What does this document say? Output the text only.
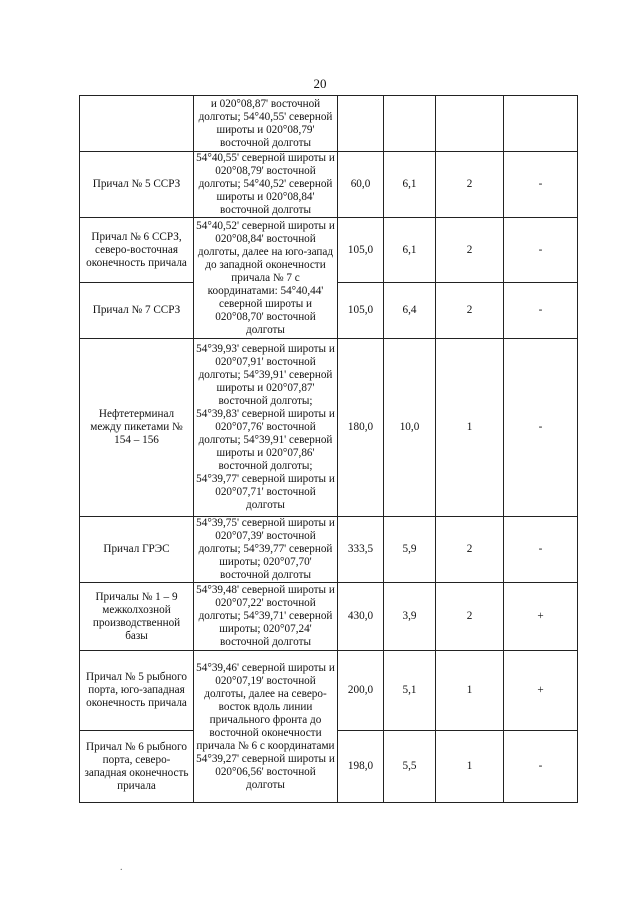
20
	и 020°08,87' восточной долготы; 54°40,55' северной широты и 020°08,79' восточной долготы				
Причал № 5 ССРЗ	54°40,55' северной широты и 020°08,79' восточной долготы; 54°40,52' северной широты и 020°08,84' восточной долготы	60,0	6,1	2	-
Причал № 6 ССРЗ, северо-восточная оконечность причала	54°40,52' северной широты и 020°08,84' восточной долготы, далее на юго-запад до западной оконечности причала № 7 с координатами: 54°40,44' северной широты и 020°08,70' восточной долготы	105,0	6,1	2	-
Причал № 7 ССРЗ		105,0	6,4	2	-
Нефтетерминал между пикетами № 154 – 156	54°39,93' северной широты и 020°07,91' восточной долготы; 54°39,91' северной широты и 020°07,87' восточной долготы; 54°39,83' северной широты и 020°07,76' восточной долготы; 54°39,91' северной широты и 020°07,86' восточной долготы; 54°39,77' северной широты и 020°07,71' восточной долготы	180,0	10,0	1	-
Причал ГРЭС	54°39,75' северной широты и 020°07,39' восточной долготы; 54°39,77' северной широты; 020°07,70' восточной долготы	333,5	5,9	2	-
Причалы № 1 – 9 межколхозной производственной базы	54°39,48' северной широты и 020°07,22' восточной долготы; 54°39,71' северной широты; 020°07,24' восточной долготы	430,0	3,9	2	+
Причал № 5 рыбного порта, юго-западная оконечность причала	54°39,46' северной широты и 020°07,19' восточной долготы, далее на северо-восток вдоль линии причального фронта до восточной оконечности причала № 6 с координатами 54°39,27' северной широты и 020°06,56' восточной долготы	200,0	5,1	1	+
Причал № 6 рыбного порта, северо-западная оконечность причала		198,0	5,5	1	-
.
